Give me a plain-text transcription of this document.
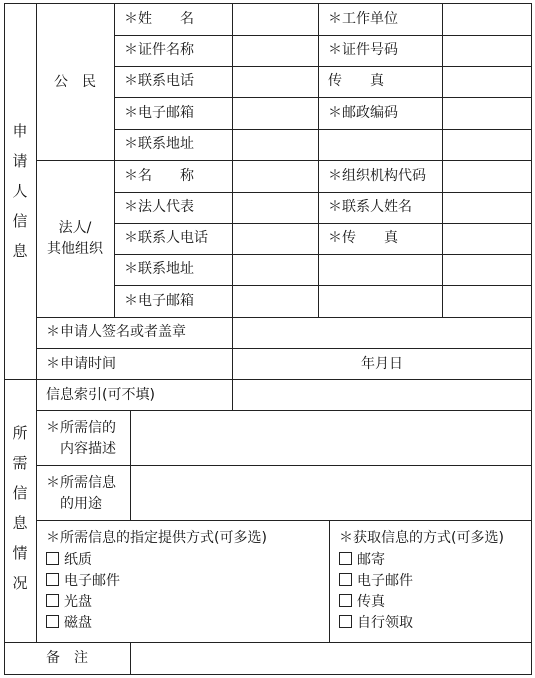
申
请
人
信
息
所
需
信
息
情
况
公　民
＊姓　　名	＊工作单位
＊证件名称	＊证件号码
＊联系电话	传　　真
＊电子邮箱	＊邮政编码
＊联系地址
法人/
其他组织
＊名　　称	＊组织机构代码
＊法人代表	＊联系人姓名
＊联系人电话	＊传　　真
＊联系地址
＊电子邮箱
＊申请人签名或者盖章
＊申请时间	年月日
信息索引(可不填)
＊所需信的
内容描述
＊所需信息
的用途
＊所需信息的指定提供方式(可多选)
纸质
电子邮件
光盘
磁盘
＊获取信息的方式(可多选)
邮寄
电子邮件
传真
自行领取
备　注
